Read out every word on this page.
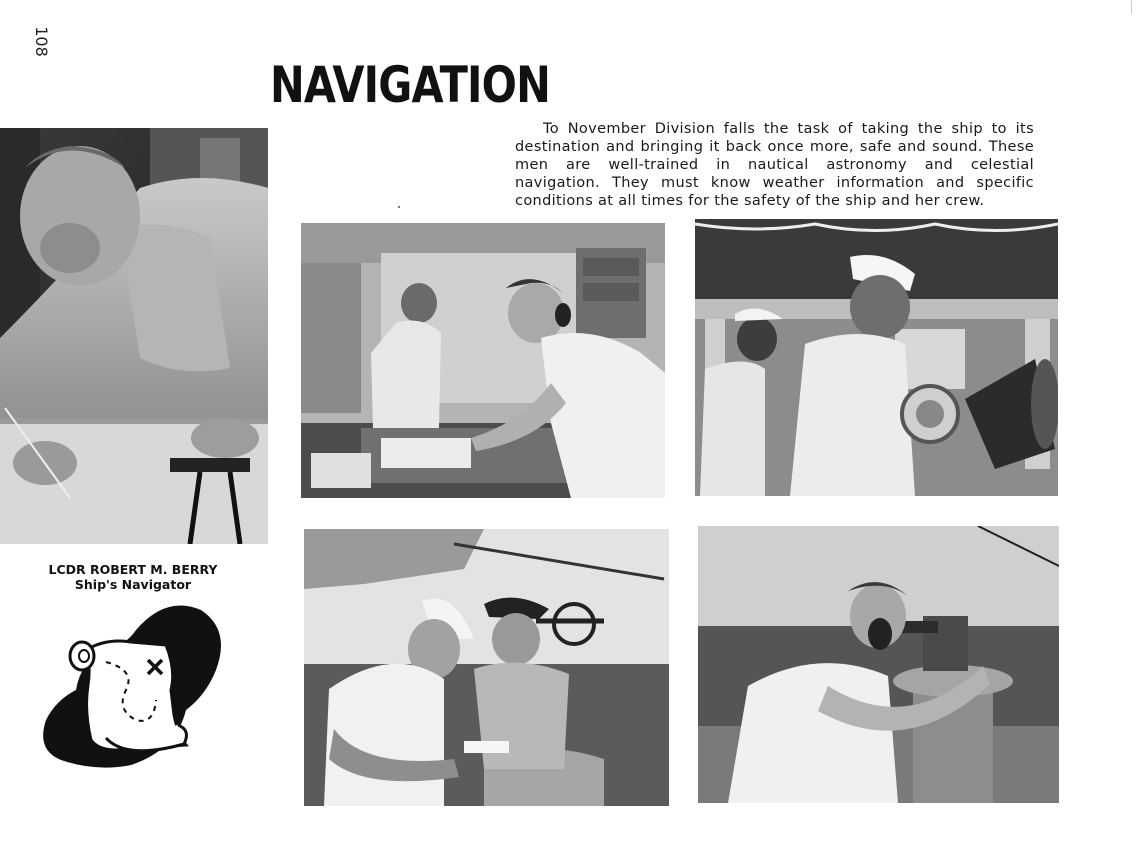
108
NAVIGATION
To November Division falls the task of taking the ship to its destination and bringing it back once more, safe and sound. These men are well-trained in nautical astronomy and celestial navigation. They must know weather information and specific conditions at all times for the safety of the ship and her crew.
LCDR ROBERT M. BERRY
Ship's Navigator
